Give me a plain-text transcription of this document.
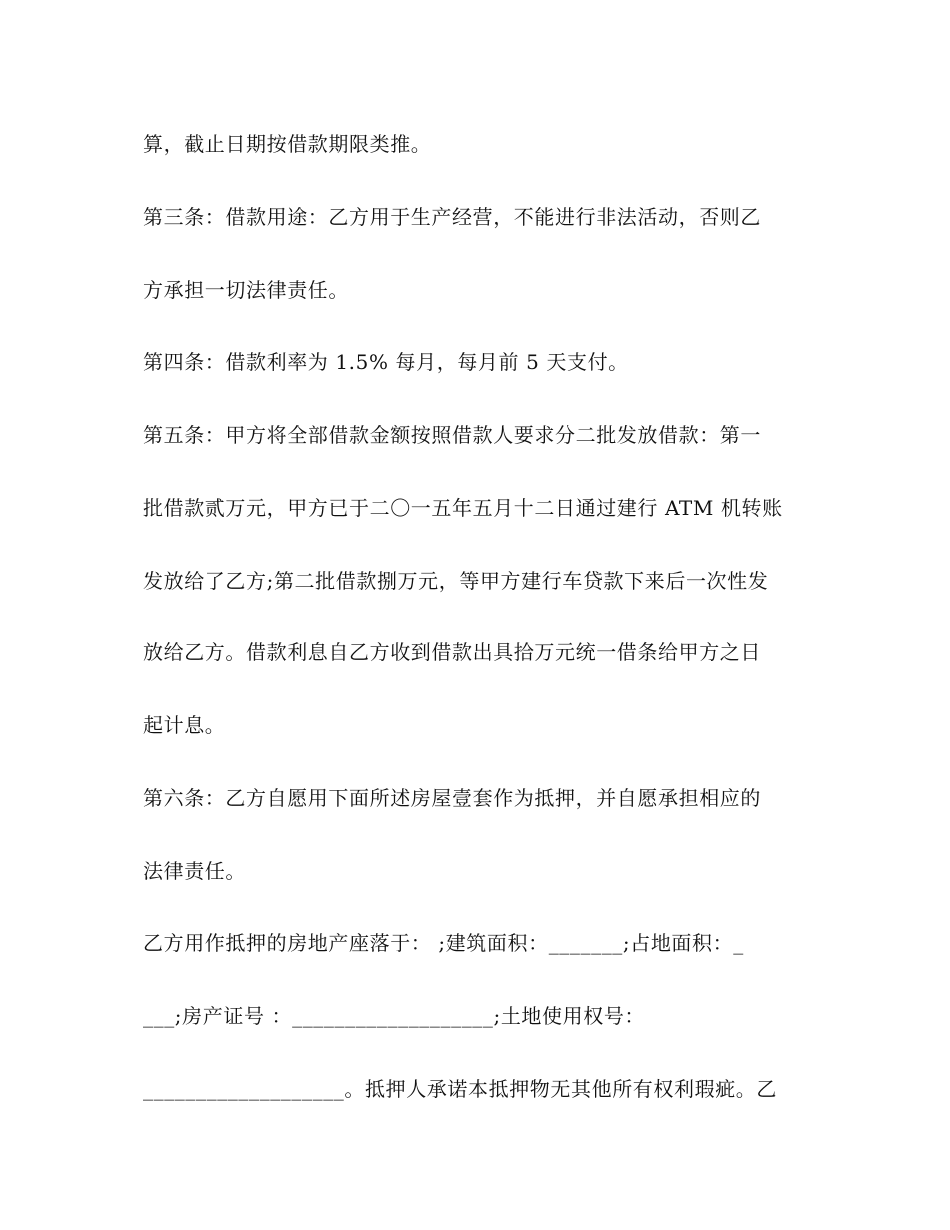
算，截止日期按借款期限类推。
第三条：借款用途：乙方用于生产经营，不能进行非法活动，否则乙
方承担一切法律责任。
第四条：借款利率为 1.5% 每月，每月前 5 天支付。
第五条：甲方将全部借款金额按照借款人要求分二批发放借款：第一
批借款贰万元，甲方已于二〇一五年五月十二日通过建行 ATM 机转账
发放给了乙方;第二批借款捌万元，等甲方建行车贷款下来后一次性发
放给乙方。借款利息自乙方收到借款出具拾万元统一借条给甲方之日
起计息。
第六条：乙方自愿用下面所述房屋壹套作为抵押，并自愿承担相应的
法律责任。
乙方用作抵押的房地产座落于： ;建筑面积：_______;占地面积：_
___;房产证号 ：___________________;土地使用权号：
___________________。抵押人承诺本抵押物无其他所有权利瑕疵。乙
